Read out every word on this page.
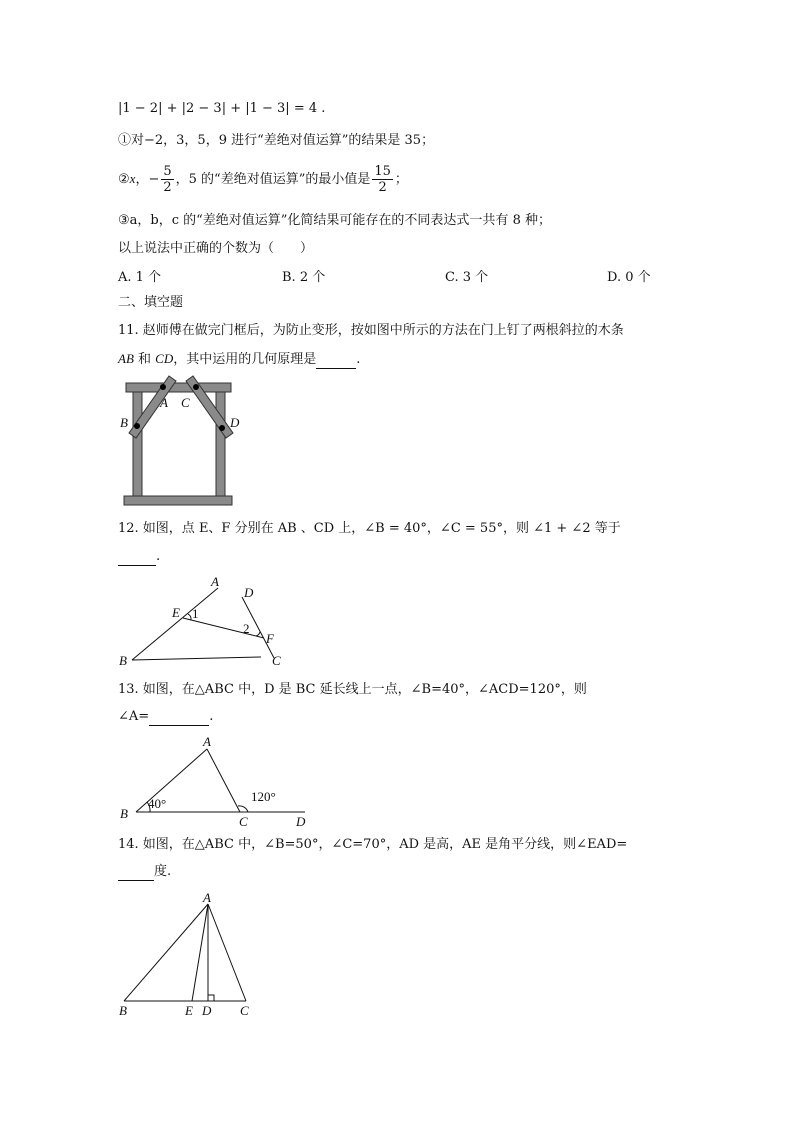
|1 − 2| + |2 − 3| + |1 − 3| = 4 .
①对−2，3，5，9 进行“差绝对值运算”的结果是 35；
②x，− $\frac{5}{2}$ ，5 的“差绝对值运算”的最小值是 $\frac{15}{2}$ ；
③a，b，c 的“差绝对值运算”化简结果可能存在的不同表达式一共有 8 种；
以上说法中正确的个数为（　　）
A. 1 个	B. 2 个	C. 3 个	D. 0 个
二、填空题
11. 赵师傅在做完门框后，为防止变形，按如图中所示的方法在门上钉了两根斜拉的木条
AB 和 CD，其中运用的几何原理是	.
A
B
C
D
A
B	C
D
E
F
1
2
A
B
C	D
40°	120°
A
B	E D C
12. 如图，点 E、F 分别在 AB 、CD 上，∠B = 40°，∠C = 55°，则 ∠1 + ∠2 等于
.
13. 如图，在△ABC 中，D 是 BC 延长线上一点，∠B=40°，∠ACD=120°，则
∠A=	.
14. 如图，在△ABC 中，∠B=50°，∠C=70°，AD 是高，AE 是角平分线，则∠EAD=
度.
